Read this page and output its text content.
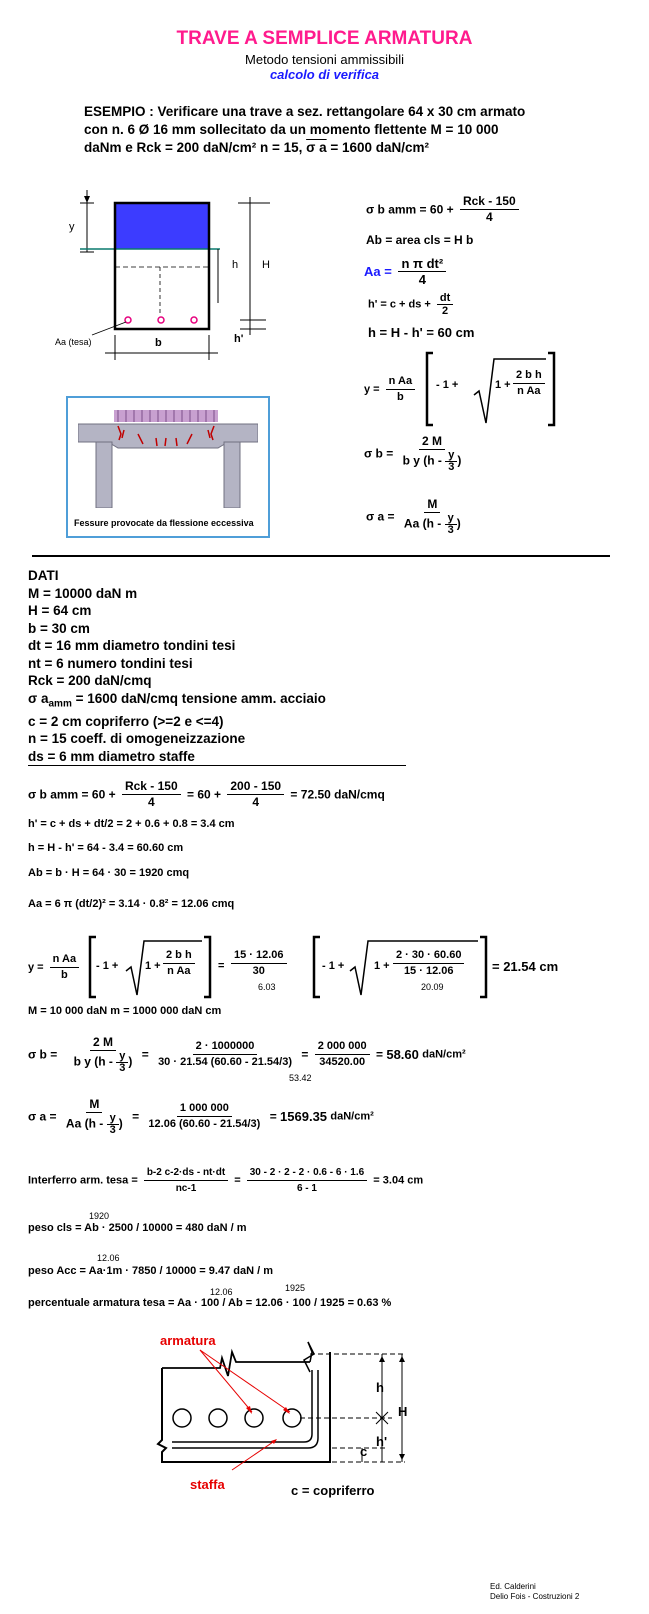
TRAVE A SEMPLICE ARMATURA
Metodo tensioni ammissibili
calcolo di verifica
ESEMPIO : Verificare una trave a sez. rettangolare 64 x 30 cm armato
con n. 6 Ø 16 mm sollecitato da un momento flettente M = 10 000
daNm e Rck = 200 daN/cm² n = 15, σ a = 1600 daN/cm²
y
h H
h'
b
Aa (tesa)
Fessure provocate da flessione eccessiva
σ b amm = $60 + \frac{\text{Rck - 150}}{4}$
Ab = area cls = H b
$Aa = \frac{\text{n π dt²}}{4}$
h' = c + ds + $\frac{dt}{2}$
h = H - h' = 60 cm
$y = \frac{\text{n Aa}}{b} - 1$ +	$1 + \frac{\text{2 b h}}{\text{n Aa}}$
σ $b = \frac{2 M}{b y (h - \frac{y}{3} )}$
σ $a = \frac{M}{Aa (h - \frac{y}{3} )}$
DATI
M = 10000 daN m
H = 64 cm
b = 30 cm
dt = 16 mm diametro tondini tesi
nt = 6 numero tondini tesi
Rck = 200 daN/cmq
σ $a_{amm} = 1600$ daN/cmq tensione amm. acciaio
c = 2 cm copriferro (>=2 e <=4)
n = 15 coeff. di omogeneizzazione
ds = 6 mm diametro staffe
σ b amm = $60 + \frac{\text{Rck - 150}}{4} = 60 + \frac{200 - 150}{4} = 72.50$ daN/cmq
h' = c + ds + dt/2 = 2 + 0.6 + 0.8 = 3.4 cm
h = H - h' = 64 - 3.4 = 60.60 cm
Ab = b · H = 64 · 30 = 1920 cmq
Aa = 6 π (dt/2)² = 3.14 · 0.8² = 12.06 cmq
$y = \frac{\text{n Aa}}{b} - 1 + 1 + \frac{\text{2 b h}}{\text{n Aa}} = \frac{15 \cdot 12.06}{30}$
6.03
- 1 +	$1 + \frac{2 \cdot 30 \cdot 60.60}{15 \cdot 12.06}$
20.09
= 21.54 cm
M = 10 000 daN m = 1000 000 daN cm
σ $b = \frac{2 M}{b y (h - \frac{y}{3} )} = \frac{2 \cdot 1000000}{30 \cdot 21.54 (60.60 - 21.54/3)} = \frac{2 000 000}{34520.00} = 58.60$ daN/cm²
53.42
σ $a = \frac{M}{Aa (h - \frac{y}{3} )} = \frac{1 000 000}{12.06 (60.60 - 21.54/3)} = 1569.35$ daN/cm²
Interferro arm. tesa = $\frac{b-2 c-2\cdot ds - nt\cdot dt}{nc-1} = \frac{30 - 2 \cdot 2 - 2 \cdot 0.6 - 6 \cdot 1.6}{6 - 1} = 3.04$ cm
1920
peso cls = Ab · 2500 / 10000 = 480 daN / m
12.06
peso Acc = Aa·1m · 7850 / 10000 = 9.47 daN / m
12.06	1925
percentuale armatura tesa = Aa · 100 / Ab = 12.06 · 100 / 1925 = 0.63 %
armatura
staffa
h
H
c
h'
c = copriferro
Ed. Calderini
Delio Fois - Costruzioni 2
